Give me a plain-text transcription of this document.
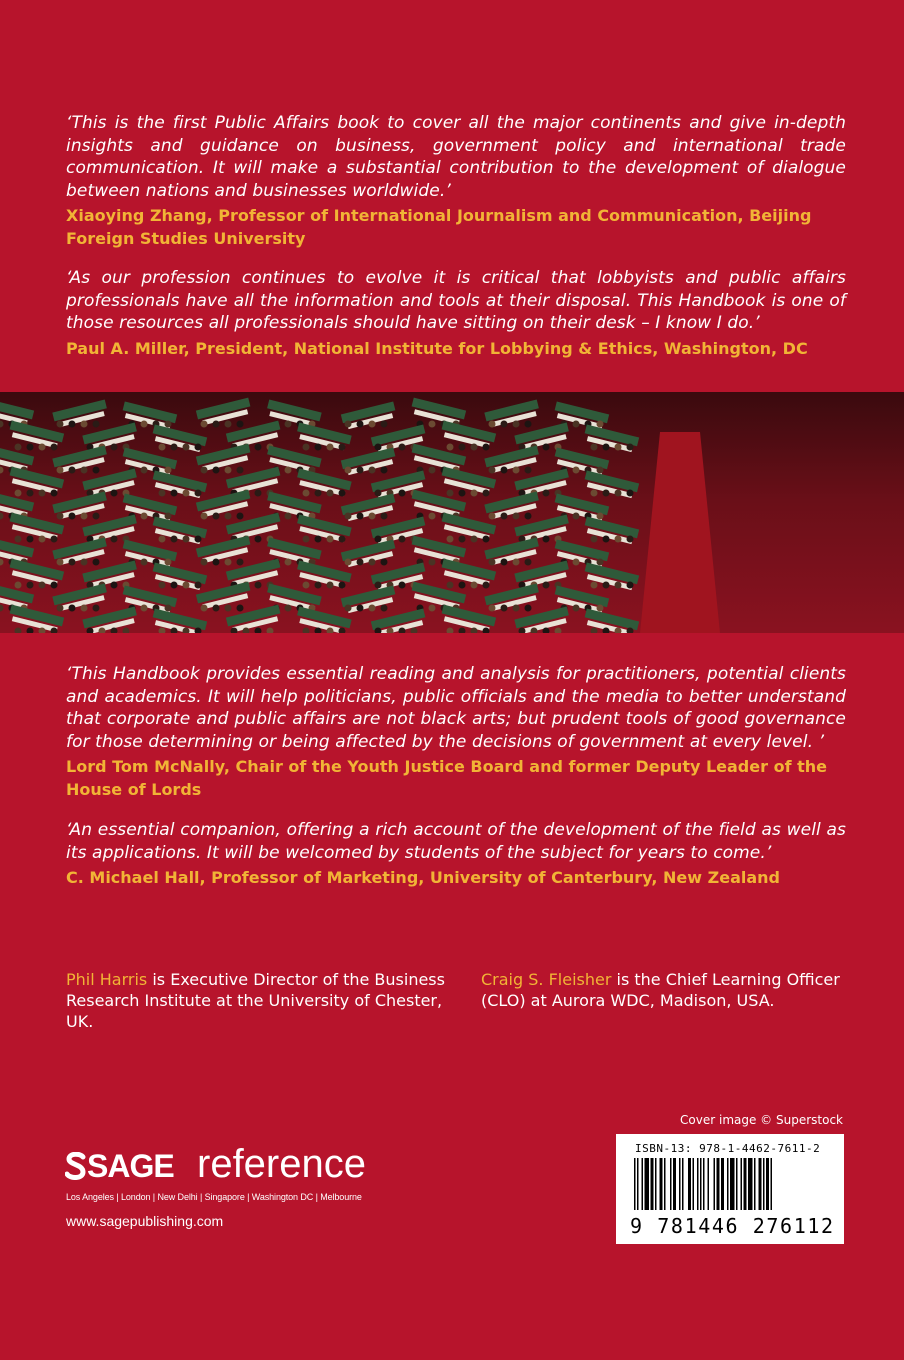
‘This is the first Public Affairs book to cover all the major continents and give in-depth insights and guidance on business, government policy and international trade communication. It will make a substantial contribution to the development of dialogue between nations and businesses worldwide.’

Xiaoying Zhang, Professor of International Journalism and Communication, Beijing Foreign Studies University

‘As our profession continues to evolve it is critical that lobbyists and public affairs professionals have all the information and tools at their disposal. This Handbook is one of those resources all professionals should have sitting on their desk – I know I do.’

Paul A. Miller, President, National Institute for Lobbying & Ethics, Washington, DC

‘This Handbook provides essential reading and analysis for practitioners, potential clients and academics. It will help politicians, public officials and the media to better understand that corporate and public affairs are not black arts; but prudent tools of good governance for those determining or being affected by the decisions of government at every level. ’

Lord Tom McNally, Chair of the Youth Justice Board and former Deputy Leader of the House of Lords

‘An essential companion, offering a rich account of the development of the field as well as its applications. It will be welcomed by students of the subject for years to come.’

C. Michael Hall, Professor of Marketing, University of Canterbury, New Zealand

Phil Harris is Executive Director of the Business Research Institute at the University of Chester, UK.
Craig S. Fleisher is the Chief Learning Officer (CLO) at Aurora WDC, Madison, USA.
Cover image © Superstock
ISBN-13: 978-1-4462-7611-2
9 781446 276112
SAGE reference
Los Angeles | London | New Delhi | Singapore | Washington DC | Melbourne
www.sagepublishing.com
